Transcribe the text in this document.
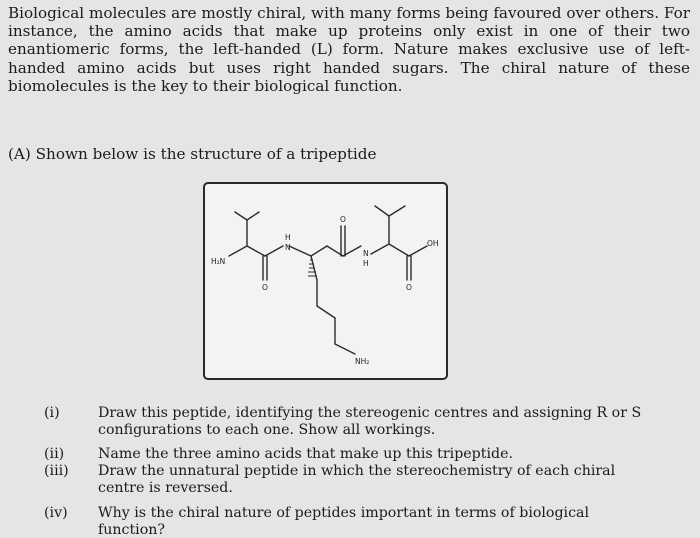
Biological molecules are mostly chiral, with many forms being favoured over others. For instance, the amino acids that make up proteins only exist in one of their two enantiomeric forms, the left-handed (L) form. Nature makes exclusive use of left-handed amino acids but uses right handed sugars. The chiral nature of these biomolecules is the key to their biological function.

(A) Shown below is the structure of a tripeptide

H₂N
N
H
N
H
O
O
O
OH
NH₂
(i)	Draw this peptide, identifying the stereogenic centres and assigning R or S configurations to each one. Show all workings.
(ii)	Name the three amino acids that make up this tripeptide.
(iii)	Draw the unnatural peptide in which the stereochemistry of each chiral centre is reversed.
(iv)	Why is the chiral nature of peptides important in terms of biological function?
